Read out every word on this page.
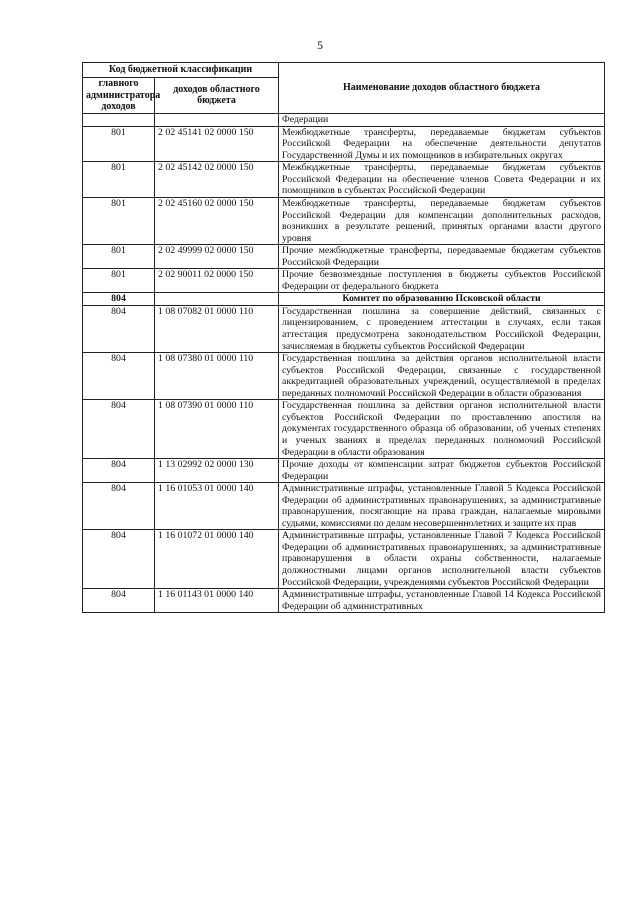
5
Код бюджетной классификации		Наименование доходов областного бюджета
главного администратора доходов	доходов областного бюджета	
		Федерации
801	2 02 45141 02 0000 150	Межбюджетные трансферты, передаваемые бюджетам субъектов Российской Федерации на обеспечение деятельности депутатов Государственной Думы и их помощников в избирательных округах
801	2 02 45142 02 0000 150	Межбюджетные трансферты, передаваемые бюджетам субъектов Российской Федерации на обеспечение членов Совета Федерации и их помощников в субъектах Российской Федерации
801	2 02 45160 02 0000 150	Межбюджетные трансферты, передаваемые бюджетам субъектов Российской Федерации для компенсации дополнительных расходов, возникших в результате решений, принятых органами власти другого уровня
801	2 02 49999 02 0000 150	Прочие межбюджетные трансферты, передаваемые бюджетам субъектов Российской Федерации
801	2 02 90011 02 0000 150	Прочие безвозмездные поступления в бюджеты субъектов Российской Федерации от федерального бюджета
804		Комитет по образованию Псковской области
804	1 08 07082 01 0000 110	Государственная пошлина за совершение действий, связанных с лицензированием, с проведением аттестации в случаях, если такая аттестация предусмотрена законодательством Российской Федерации, зачисляемая в бюджеты субъектов Российской Федерации
804	1 08 07380 01 0000 110	Государственная пошлина за действия органов исполнительной власти субъектов Российской Федерации, связанные с государственной аккредитацией образовательных учреждений, осуществляемой в пределах переданных полномочий Российской Федерации в области образования
804	1 08 07390 01 0000 110	Государственная пошлина за действия органов исполнительной власти субъектов Российской Федерации по проставлению апостиля на документах государственного образца об образовании, об ученых степенях и ученых званиях в пределах переданных полномочий Российской Федерации в области образования
804	1 13 02992 02 0000 130	Прочие доходы от компенсации затрат бюджетов субъектов Российской Федерации
804	1 16 01053 01 0000 140	Административные штрафы, установленные Главой 5 Кодекса Российской Федерации об административных правонарушениях, за административные правонарушения, посягающие на права граждан, налагаемые мировыми судьями, комиссиями по делам несовершеннолетних и защите их прав
804	1 16 01072 01 0000 140	Административные штрафы, установленные Главой 7 Кодекса Российской Федерации об административных правонарушениях, за административные правонарушения в области охраны собственности, налагаемые должностными лицами органов исполнительной власти субъектов Российской Федерации, учреждениями субъектов Российской Федерации
804	1 16 01143 01 0000 140	Административные штрафы, установленные Главой 14 Кодекса Российской Федерации об административных
